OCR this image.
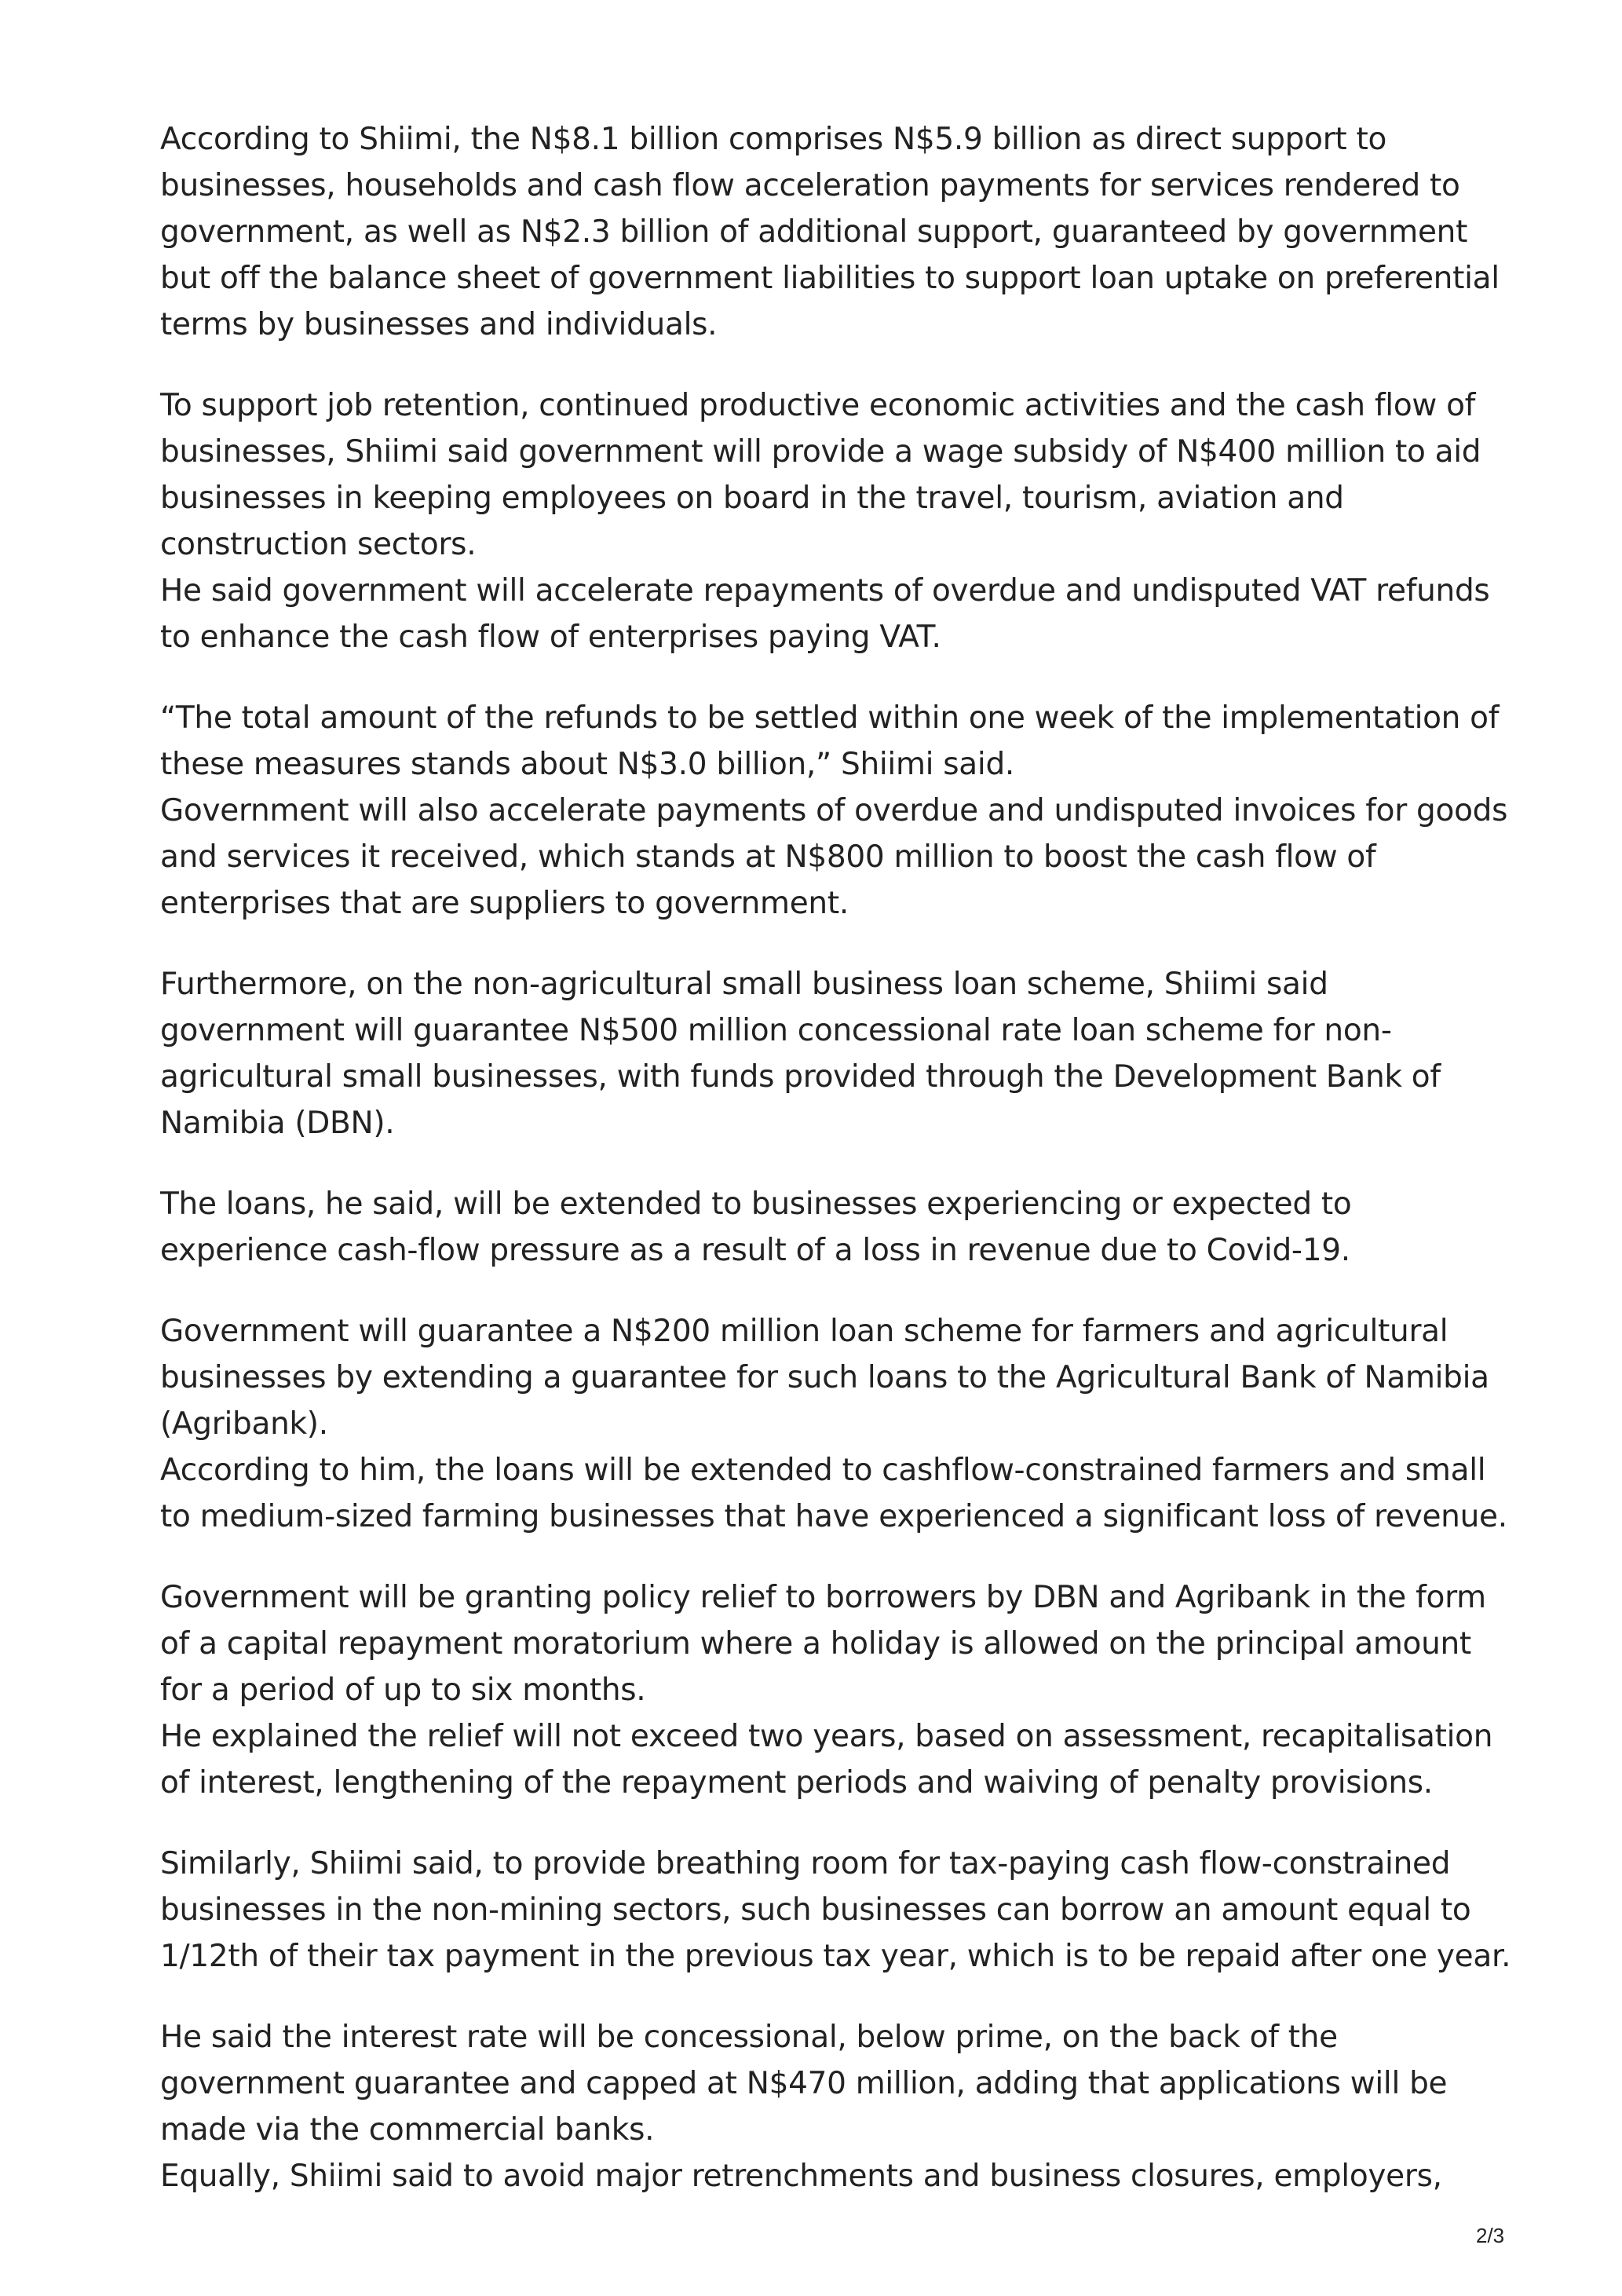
According to Shiimi, the N$8.1 billion comprises N$5.9 billion as direct support to
businesses, households and cash flow acceleration payments for services rendered to
government, as well as N$2.3 billion of additional support, guaranteed by government
but off the balance sheet of government liabilities to support loan uptake on preferential
terms by businesses and individuals.
To support job retention, continued productive economic activities and the cash flow of
businesses, Shiimi said government will provide a wage subsidy of N$400 million to aid
businesses in keeping employees on board in the travel, tourism, aviation and
construction sectors.
He said government will accelerate repayments of overdue and undisputed VAT refunds
to enhance the cash flow of enterprises paying VAT.
“The total amount of the refunds to be settled within one week of the implementation of
these measures stands about N$3.0 billion,” Shiimi said.
Government will also accelerate payments of overdue and undisputed invoices for goods
and services it received, which stands at N$800 million to boost the cash flow of
enterprises that are suppliers to government.
Furthermore, on the non-agricultural small business loan scheme, Shiimi said
government will guarantee N$500 million concessional rate loan scheme for non-
agricultural small businesses, with funds provided through the Development Bank of
Namibia (DBN).
The loans, he said, will be extended to businesses experiencing or expected to
experience cash-flow pressure as a result of a loss in revenue due to Covid-19.
Government will guarantee a N$200 million loan scheme for farmers and agricultural
businesses by extending a guarantee for such loans to the Agricultural Bank of Namibia
(Agribank).
According to him, the loans will be extended to cashflow-constrained farmers and small
to medium-sized farming businesses that have experienced a significant loss of revenue.
Government will be granting policy relief to borrowers by DBN and Agribank in the form
of a capital repayment moratorium where a holiday is allowed on the principal amount
for a period of up to six months.
He explained the relief will not exceed two years, based on assessment, recapitalisation
of interest, lengthening of the repayment periods and waiving of penalty provisions.
Similarly, Shiimi said, to provide breathing room for tax-paying cash flow-constrained
businesses in the non-mining sectors, such businesses can borrow an amount equal to
1/12th of their tax payment in the previous tax year, which is to be repaid after one year.
He said the interest rate will be concessional, below prime, on the back of the
government guarantee and capped at N$470 million, adding that applications will be
made via the commercial banks.
Equally, Shiimi said to avoid major retrenchments and business closures, employers,
2/3
